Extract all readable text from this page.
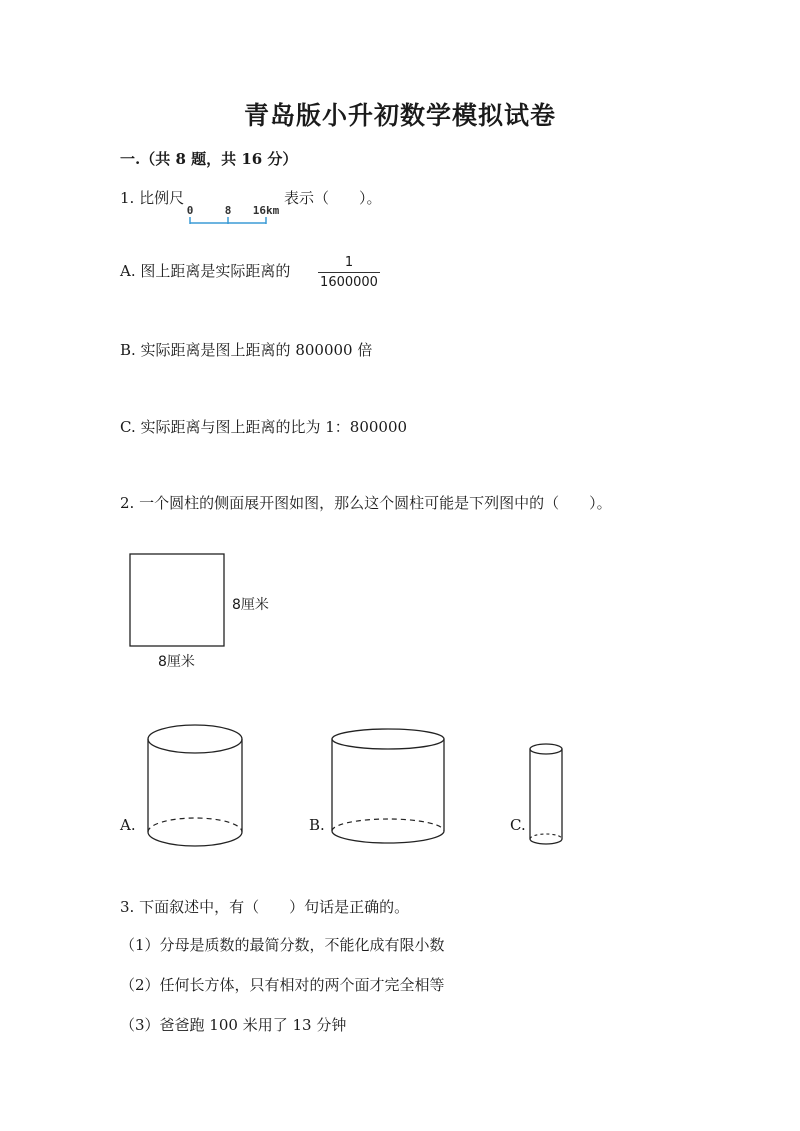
青岛版小升初数学模拟试卷
一.（共 8 题，共 16 分）
1. 比例尺
0	8 16km
表示（　　）。
A. 图上距离是实际距离的	1
1600000
B. 实际距离是图上距离的 800000 倍
C. 实际距离与图上距离的比为 1：800000
2. 一个圆柱的侧面展开图如图，那么这个圆柱可能是下列图中的（　　）。
8厘米
8厘米
A.	B.	C.
3. 下面叙述中，有（　　）句话是正确的。
（1）分母是质数的最简分数，不能化成有限小数
（2）任何长方体，只有相对的两个面才完全相等
（3）爸爸跑 100 米用了 13 分钟
